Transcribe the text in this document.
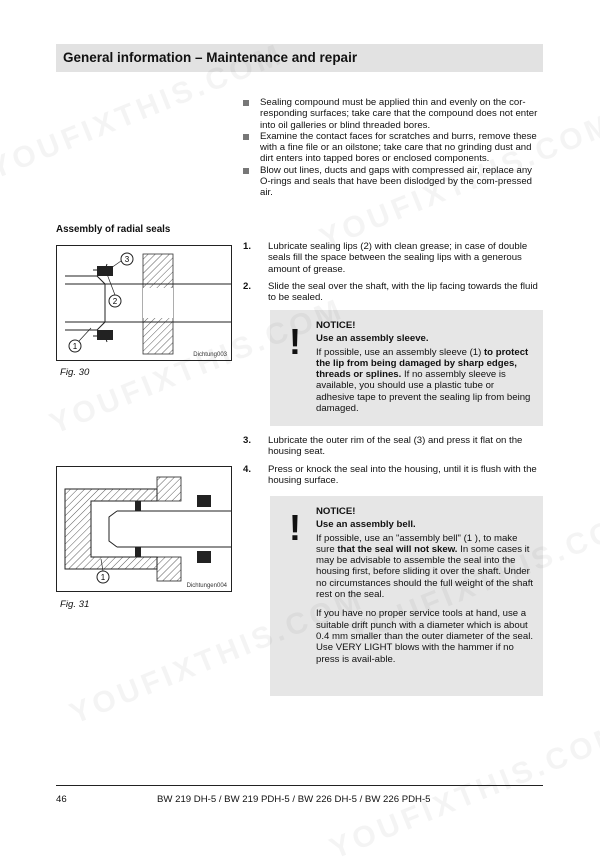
General information – Maintenance and repair
Sealing compound must be applied thin and evenly on the cor-responding surfaces; take care that the compound does not enter into oil galleries or blind threaded bores.
Examine the contact faces for scratches and burrs, remove these with a fine file or an oilstone; take care that no grinding dust and dirt enters into tapped bores or enclosed components.
Blow out lines, ducts and gaps with compressed air, replace any O-rings and seals that have been dislodged by the com-pressed air.
Assembly of radial seals
3
2
1
Dichtung003
Fig. 30
1
Dichtungen004
Fig. 31
1. Lubricate sealing lips (2) with clean grease; in case of double seals fill the space between the sealing lips with a generous amount of grease.
2. Slide the seal over the shaft, with the lip facing towards the fluid to be sealed.
!	NOTICE!
Use an assembly sleeve.

If possible, use an assembly sleeve (1) to protect the lip from being damaged by sharp edges, threads or splines. If no assembly sleeve is available, you should use a plastic tube or adhesive tape to prevent the sealing lip from being damaged.

3. Lubricate the outer rim of the seal (3) and press it flat on the housing seat.
4. Press or knock the seal into the housing, until it is flush with the housing surface.
!	NOTICE!
Use an assembly bell.

If possible, use an "assembly bell" (1 ), to make sure that the seal will not skew. In some cases it may be advisable to assemble the seal into the housing first, before sliding it over the shaft. Under no circumstances should the full weight of the shaft rest on the seal.

If you have no proper service tools at hand, use a suitable drift punch with a diameter which is about 0.4 mm smaller than the outer diameter of the seal. Use VERY LIGHT blows with the hammer if no press is avail-able.

46	BW 219 DH-5 / BW 219 PDH-5 / BW 226 DH-5 / BW 226 PDH-5
